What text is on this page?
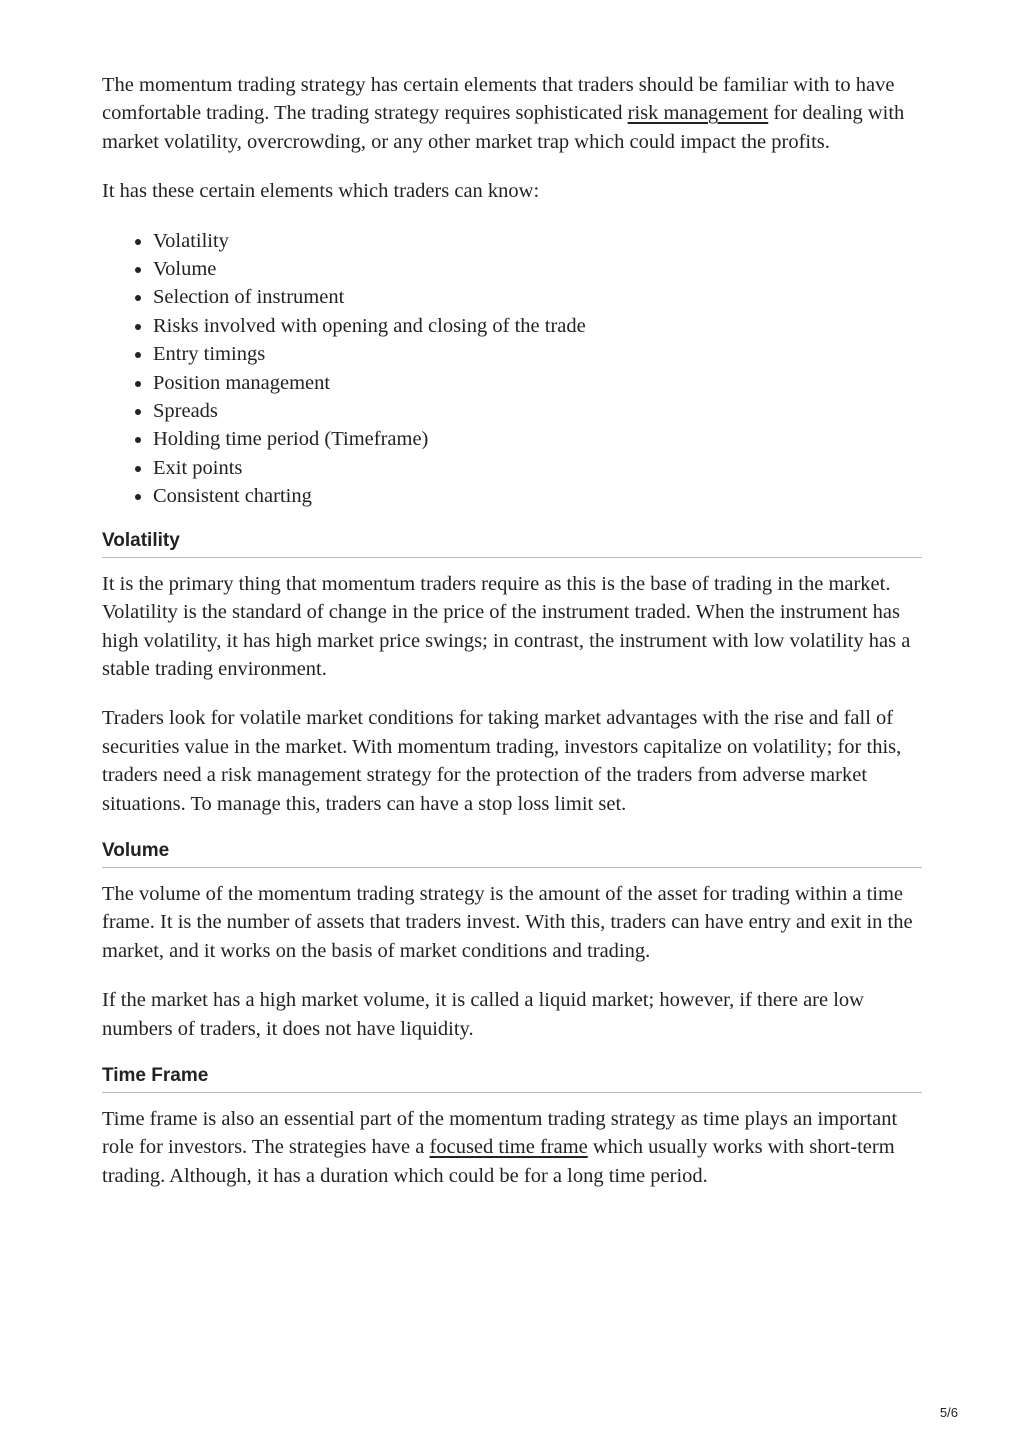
The momentum trading strategy has certain elements that traders should be familiar with to have comfortable trading. The trading strategy requires sophisticated risk management for dealing with market volatility, overcrowding, or any other market trap which could impact the profits.

It has these certain elements which traders can know:

• Volatility
• Volume
• Selection of instrument
• Risks involved with opening and closing of the trade
• Entry timings
• Position management
• Spreads
• Holding time period (Timeframe)
• Exit points
• Consistent charting
Volatility

It is the primary thing that momentum traders require as this is the base of trading in the market. Volatility is the standard of change in the price of the instrument traded. When the instrument has high volatility, it has high market price swings; in contrast, the instrument with low volatility has a stable trading environment.

Traders look for volatile market conditions for taking market advantages with the rise and fall of securities value in the market. With momentum trading, investors capitalize on volatility; for this, traders need a risk management strategy for the protection of the traders from adverse market situations. To manage this, traders can have a stop loss limit set.

Volume

The volume of the momentum trading strategy is the amount of the asset for trading within a time frame. It is the number of assets that traders invest. With this, traders can have entry and exit in the market, and it works on the basis of market conditions and trading.

If the market has a high market volume, it is called a liquid market; however, if there are low numbers of traders, it does not have liquidity.

Time Frame

Time frame is also an essential part of the momentum trading strategy as time plays an important role for investors. The strategies have a focused time frame which usually works with short-term trading. Although, it has a duration which could be for a long time period.

5/6
